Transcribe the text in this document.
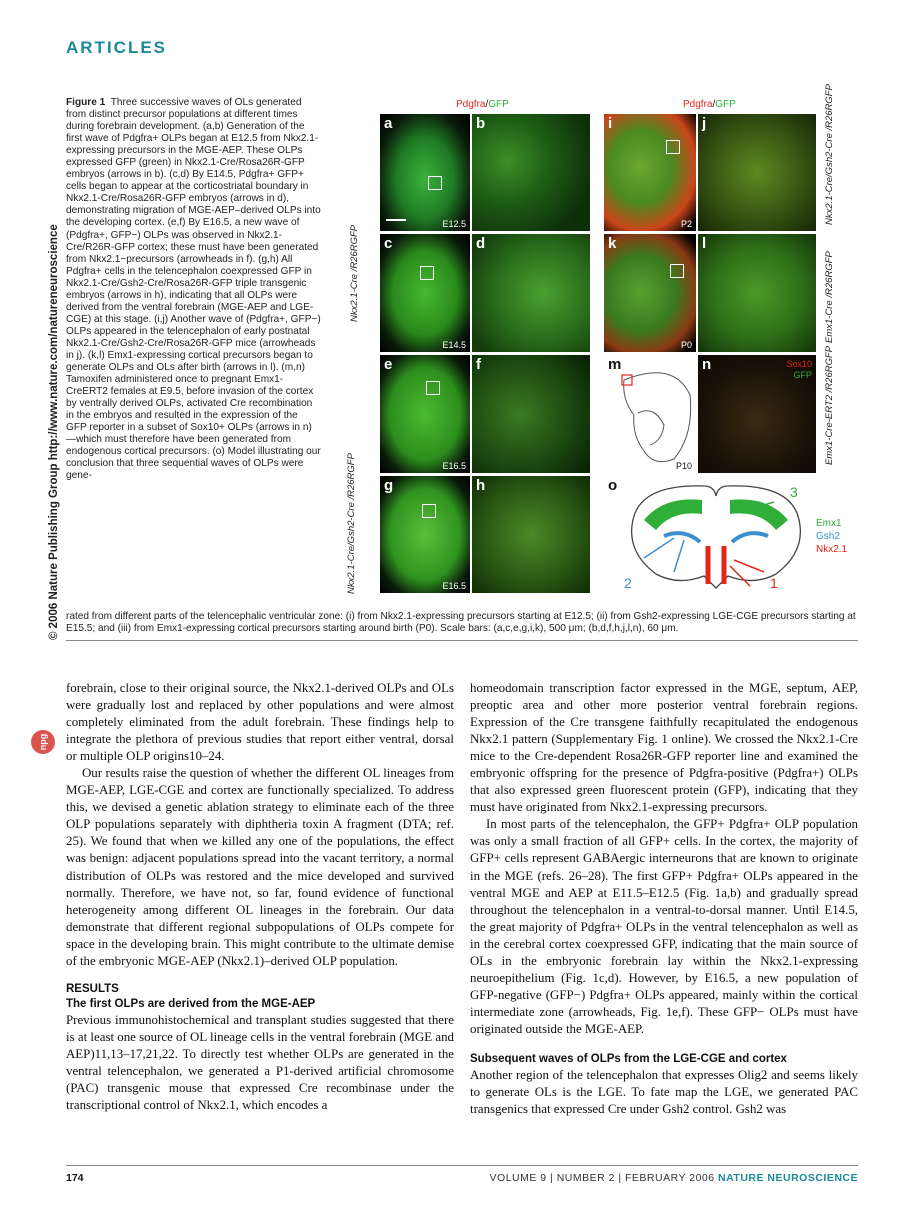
ARTICLES
© 2006 Nature Publishing Group http://www.nature.com/natureneuroscience
npg
Figure 1 Three successive waves of OLs generated from distinct precursor populations at different times during forebrain development. (a,b) Generation of the first wave of Pdgfra+ OLPs began at E12.5 from Nkx2.1-expressing precursors in the MGE-AEP. These OLPs expressed GFP (green) in Nkx2.1-Cre/Rosa26R-GFP embryos (arrows in b). (c,d) By E14.5, Pdgfra+ GFP+ cells began to appear at the corticostriatal boundary in Nkx2.1-Cre/Rosa26R-GFP embryos (arrows in d), demonstrating migration of MGE-AEP–derived OLPs into the developing cortex. (e,f) By E16.5, a new wave of (Pdgfra+, GFP−) OLPs was observed in Nkx2.1-Cre/R26R-GFP cortex; these must have been generated from Nkx2.1−precursors (arrowheads in f). (g,h) All Pdgfra+ cells in the telencephalon coexpressed GFP in Nkx2.1-Cre/Gsh2-Cre/Rosa26R-GFP triple transgenic embryos (arrows in h), indicating that all OLPs were derived from the ventral forebrain (MGE-AEP and LGE-CGE) at this stage. (i,j) Another wave of (Pdgfra+, GFP−) OLPs appeared in the telencephalon of early postnatal Nkx2.1-Cre/Gsh2-Cre/Rosa26R-GFP mice (arrowheads in j). (k,l) Emx1-expressing cortical precursors began to generate OLPs and OLs after birth (arrows in l). (m,n) Tamoxifen administered once to pregnant Emx1-CreERT2 females at E9.5, before invasion of the cortex by ventrally derived OLPs, activated Cre recombination in the embryos and resulted in the expression of the GFP reporter in a subset of Sox10+ OLPs (arrows in n)—which must therefore have been generated from endogenous cortical precursors. (o) Model illustrating our conclusion that three sequential waves of OLPs were gene-
rated from different parts of the telencephalic ventricular zone: (i) from Nkx2.1-expressing precursors starting at E12.5; (ii) from Gsh2-expressing LGE-CGE precursors starting at E15.5; and (iii) from Emx1-expressing cortical precursors starting around birth (P0). Scale bars: (a,c,e,g,i,k), 500 μm; (b,d,f,h,j,l,n), 60 μm.
Pdgfra/GFP	Pdgfra/GFP
a
E12.5
b
c
E14.5
d
e
E16.5
f
g
E16.5
h
Nkx2.1-Cre /R26RGFP
Nkx2.1-Cre/Gsh2-Cre /R26RGFP
i
P2
j
k
P0
l
m
P10
n	Sox10
GFP
o	3
2	1
Emx1
Gsh2
Nkx2.1
Nkx2.1-Cre/Gsh2-Cre /R26RGFP
Emx1-Cre /R26RGFP
Emx1-Cre-ERT2 /R26RGFP

forebrain, close to their original source, the Nkx2.1-derived OLPs and OLs were gradually lost and replaced by other populations and were almost completely eliminated from the adult forebrain. These findings help to integrate the plethora of previous studies that report either ventral, dorsal or multiple OLP origins10–24.

Our results raise the question of whether the different OL lineages from MGE-AEP, LGE-CGE and cortex are functionally specialized. To address this, we devised a genetic ablation strategy to eliminate each of the three OLP populations separately with diphtheria toxin A fragment (DTA; ref. 25). We found that when we killed any one of the populations, the effect was benign: adjacent populations spread into the vacant territory, a normal distribution of OLPs was restored and the mice developed and survived normally. Therefore, we have not, so far, found evidence of functional heterogeneity among different OL lineages in the forebrain. Our data demonstrate that different regional subpopulations of OLPs compete for space in the developing brain. This might contribute to the ultimate demise of the embryonic MGE-AEP (Nkx2.1)–derived OLP population.

RESULTS
The first OLPs are derived from the MGE-AEP

Previous immunohistochemical and transplant studies suggested that there is at least one source of OL lineage cells in the ventral forebrain (MGE and AEP)11,13–17,21,22. To directly test whether OLPs are generated in the ventral telencephalon, we generated a P1-derived artificial chromosome (PAC) transgenic mouse that expressed Cre recombinase under the transcriptional control of Nkx2.1, which encodes a

homeodomain transcription factor expressed in the MGE, septum, AEP, preoptic area and other more posterior ventral forebrain regions. Expression of the Cre transgene faithfully recapitulated the endogenous Nkx2.1 pattern (Supplementary Fig. 1 online). We crossed the Nkx2.1-Cre mice to the Cre-dependent Rosa26R-GFP reporter line and examined the embryonic offspring for the presence of Pdgfra-positive (Pdgfra+) OLPs that also expressed green fluorescent protein (GFP), indicating that they must have originated from Nkx2.1-expressing precursors.

In most parts of the telencephalon, the GFP+ Pdgfra+ OLP population was only a small fraction of all GFP+ cells. In the cortex, the majority of GFP+ cells represent GABAergic interneurons that are known to originate in the MGE (refs. 26–28). The first GFP+ Pdgfra+ OLPs appeared in the ventral MGE and AEP at E11.5–E12.5 (Fig. 1a,b) and gradually spread throughout the telencephalon in a ventral-to-dorsal manner. Until E14.5, the great majority of Pdgfra+ OLPs in the ventral telencephalon as well as in the cerebral cortex coexpressed GFP, indicating that the main source of OLs in the embryonic forebrain lay within the Nkx2.1-expressing neuroepithelium (Fig. 1c,d). However, by E16.5, a new population of GFP-negative (GFP−) Pdgfra+ OLPs appeared, mainly within the cortical intermediate zone (arrowheads, Fig. 1e,f). These GFP− OLPs must have originated outside the MGE-AEP.

Subsequent waves of OLPs from the LGE-CGE and cortex

Another region of the telencephalon that expresses Olig2 and seems likely to generate OLs is the LGE. To fate map the LGE, we generated PAC transgenics that expressed Cre under Gsh2 control. Gsh2 was

174	VOLUME 9 | NUMBER 2 | FEBRUARY 2006 NATURE NEUROSCIENCE
